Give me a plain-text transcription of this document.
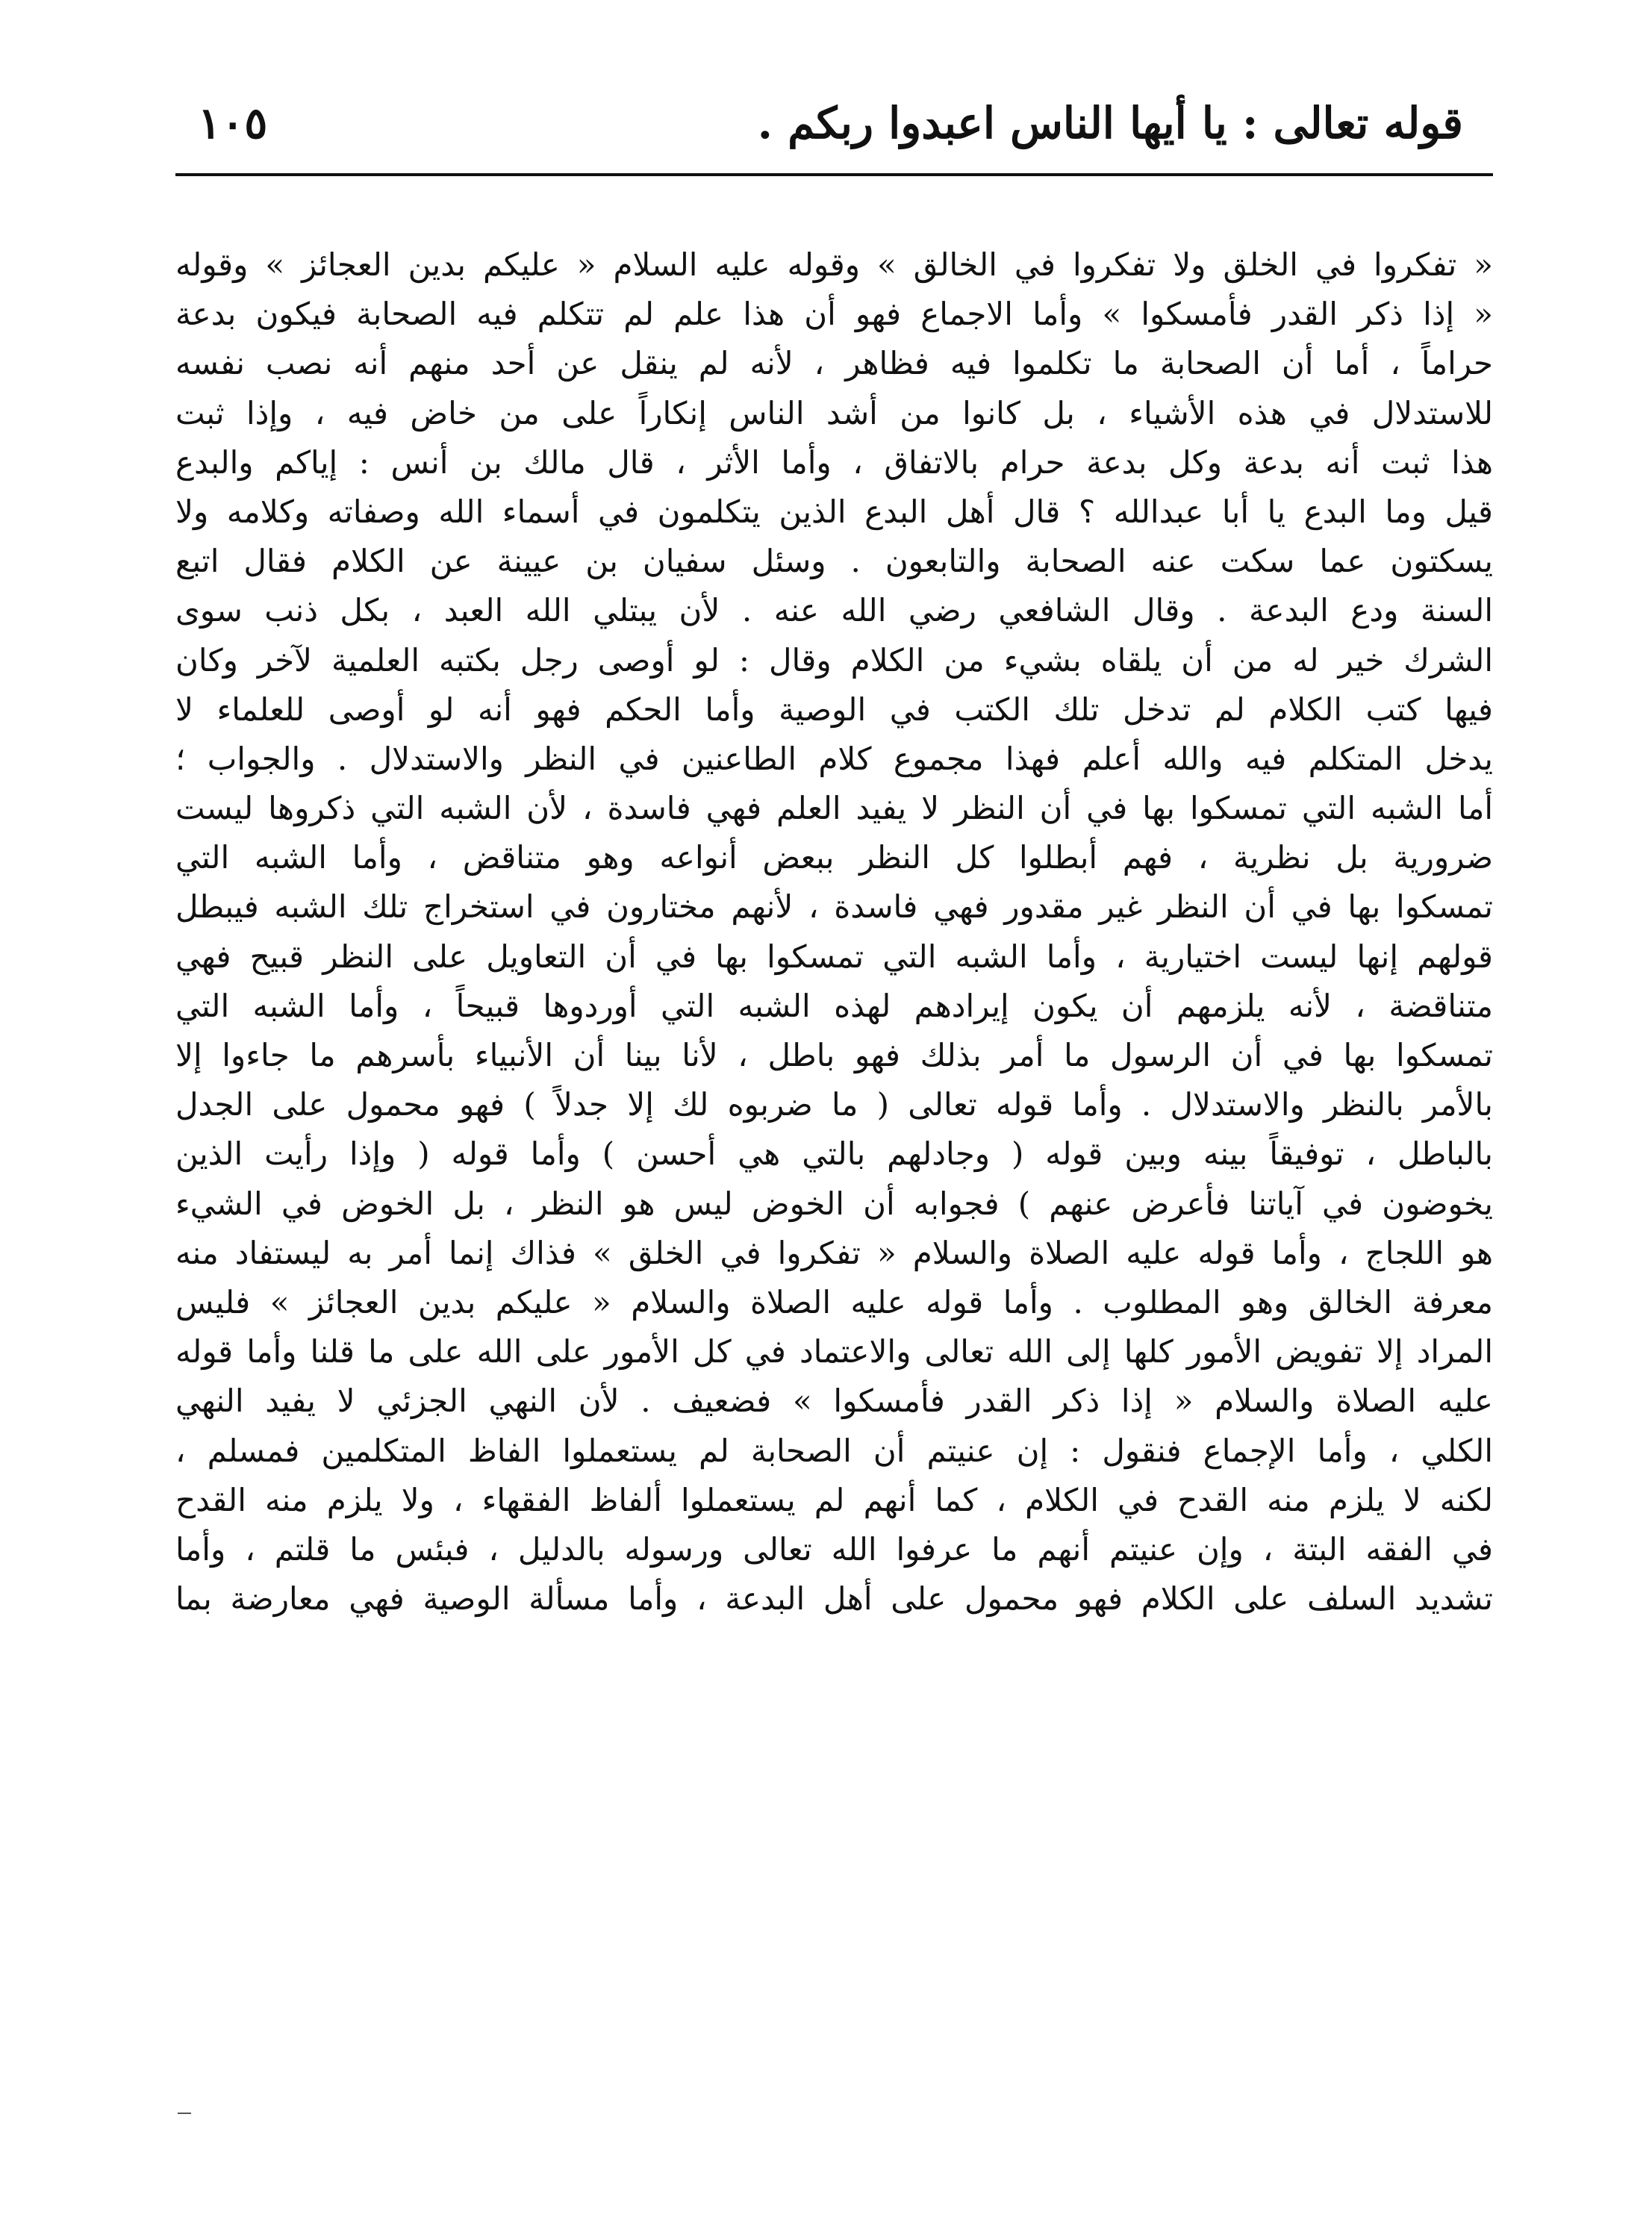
قوله تعالى : يا أيها الناس اعبدوا ربكم .
١٠٥
« تفكروا في الخلق ولا تفكروا في الخالق » وقوله عليه السلام « عليكم بدين العجائز » وقوله
« إذا ذكر القدر فأمسكوا » وأما الاجماع فهو أن هذا علم لم تتكلم فيه الصحابة فيكون بدعة
حراماً ، أما أن الصحابة ما تكلموا فيه فظاهر ، لأنه لم ينقل عن أحد منهم أنه نصب نفسه
للاستدلال في هذه الأشياء ، بل كانوا من أشد الناس إنكاراً على من خاض فيه ، وإذا ثبت
هذا ثبت أنه بدعة وكل بدعة حرام بالاتفاق ، وأما الأثر ، قال مالك بن أنس : إياكم والبدع
قيل وما البدع يا أبا عبدالله ؟ قال أهل البدع الذين يتكلمون في أسماء الله وصفاته وكلامه ولا
يسكتون عما سكت عنه الصحابة والتابعون . وسئل سفيان بن عيينة عن الكلام فقال اتبع
السنة ودع البدعة . وقال الشافعي رضي الله عنه . لأن يبتلي الله العبد ، بكل ذنب سوى
الشرك خير له من أن يلقاه بشيء من الكلام وقال : لو أوصى رجل بكتبه العلمية لآخر وكان
فيها كتب الكلام لم تدخل تلك الكتب في الوصية وأما الحكم فهو أنه لو أوصى للعلماء لا
يدخل المتكلم فيه والله أعلم فهذا مجموع كلام الطاعنين في النظر والاستدلال . والجواب ؛
أما الشبه التي تمسكوا بها في أن النظر لا يفيد العلم فهي فاسدة ، لأن الشبه التي ذكروها ليست
ضرورية بل نظرية ، فهم أبطلوا كل النظر ببعض أنواعه وهو متناقض ، وأما الشبه التي
تمسكوا بها في أن النظر غير مقدور فهي فاسدة ، لأنهم مختارون في استخراج تلك الشبه فيبطل
قولهم إنها ليست اختيارية ، وأما الشبه التي تمسكوا بها في أن التعاويل على النظر قبيح فهي
متناقضة ، لأنه يلزمهم أن يكون إيرادهم لهذه الشبه التي أوردوها قبيحاً ، وأما الشبه التي
تمسكوا بها في أن الرسول ما أمر بذلك فهو باطل ، لأنا بينا أن الأنبياء بأسرهم ما جاءوا إلا
بالأمر بالنظر والاستدلال . وأما قوله تعالى ( ما ضربوه لك إلا جدلاً ) فهو محمول على الجدل
بالباطل ، توفيقاً بينه وبين قوله ( وجادلهم بالتي هي أحسن ) وأما قوله ( وإذا رأيت الذين
يخوضون في آياتنا فأعرض عنهم ) فجوابه أن الخوض ليس هو النظر ، بل الخوض في الشيء
هو اللجاج ، وأما قوله عليه الصلاة والسلام « تفكروا في الخلق » فذاك إنما أمر به ليستفاد منه
معرفة الخالق وهو المطلوب . وأما قوله عليه الصلاة والسلام « عليكم بدين العجائز » فليس
المراد إلا تفويض الأمور كلها إلى الله تعالى والاعتماد في كل الأمور على الله على ما قلنا وأما قوله
عليه الصلاة والسلام « إذا ذكر القدر فأمسكوا » فضعيف . لأن النهي الجزئي لا يفيد النهي
الكلي ، وأما الإجماع فنقول : إن عنيتم أن الصحابة لم يستعملوا الفاظ المتكلمين فمسلم ،
لكنه لا يلزم منه القدح في الكلام ، كما أنهم لم يستعملوا ألفاظ الفقهاء ، ولا يلزم منه القدح
في الفقه البتة ، وإن عنيتم أنهم ما عرفوا الله تعالى ورسوله بالدليل ، فبئس ما قلتم ، وأما
تشديد السلف على الكلام فهو محمول على أهل البدعة ، وأما مسألة الوصية فهي معارضة بما
